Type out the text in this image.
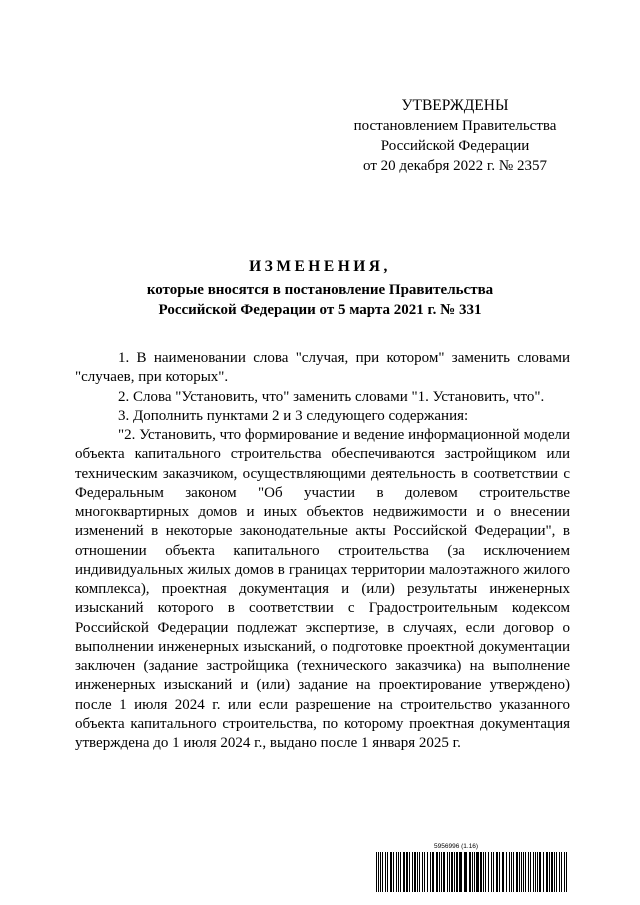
УТВЕРЖДЕНЫ
постановлением Правительства
Российской Федерации
от 20 декабря 2022 г. № 2357
ИЗМЕНЕНИЯ,
которые вносятся в постановление Правительства
Российской Федерации от 5 марта 2021 г. № 331

1. В наименовании слова "случая, при котором" заменить словами "случаев, при которых".

2. Слова "Установить, что" заменить словами "1. Установить, что".

3. Дополнить пунктами 2 и 3 следующего содержания:

"2. Установить, что формирование и ведение информационной модели объекта капитального строительства обеспечиваются застройщиком или техническим заказчиком, осуществляющими деятельность в соответствии с Федеральным законом "Об участии в долевом строительстве многоквартирных домов и иных объектов недвижимости и о внесении изменений в некоторые законодательные акты Российской Федерации", в отношении объекта капитального строительства (за исключением индивидуальных жилых домов в границах территории малоэтажного жилого комплекса), проектная документация и (или) результаты инженерных изысканий которого в соответствии с Градостроительным кодексом Российской Федерации подлежат экспертизе, в случаях, если договор о выполнении инженерных изысканий, о подготовке проектной документации заключен (задание застройщика (технического заказчика) на выполнение инженерных изысканий и (или) задание на проектирование утверждено) после 1 июля 2024 г. или если разрешение на строительство указанного объекта капитального строительства, по которому проектная документация утверждена до 1 июля 2024 г., выдано после 1 января 2025 г.

5956996 (1.16)
